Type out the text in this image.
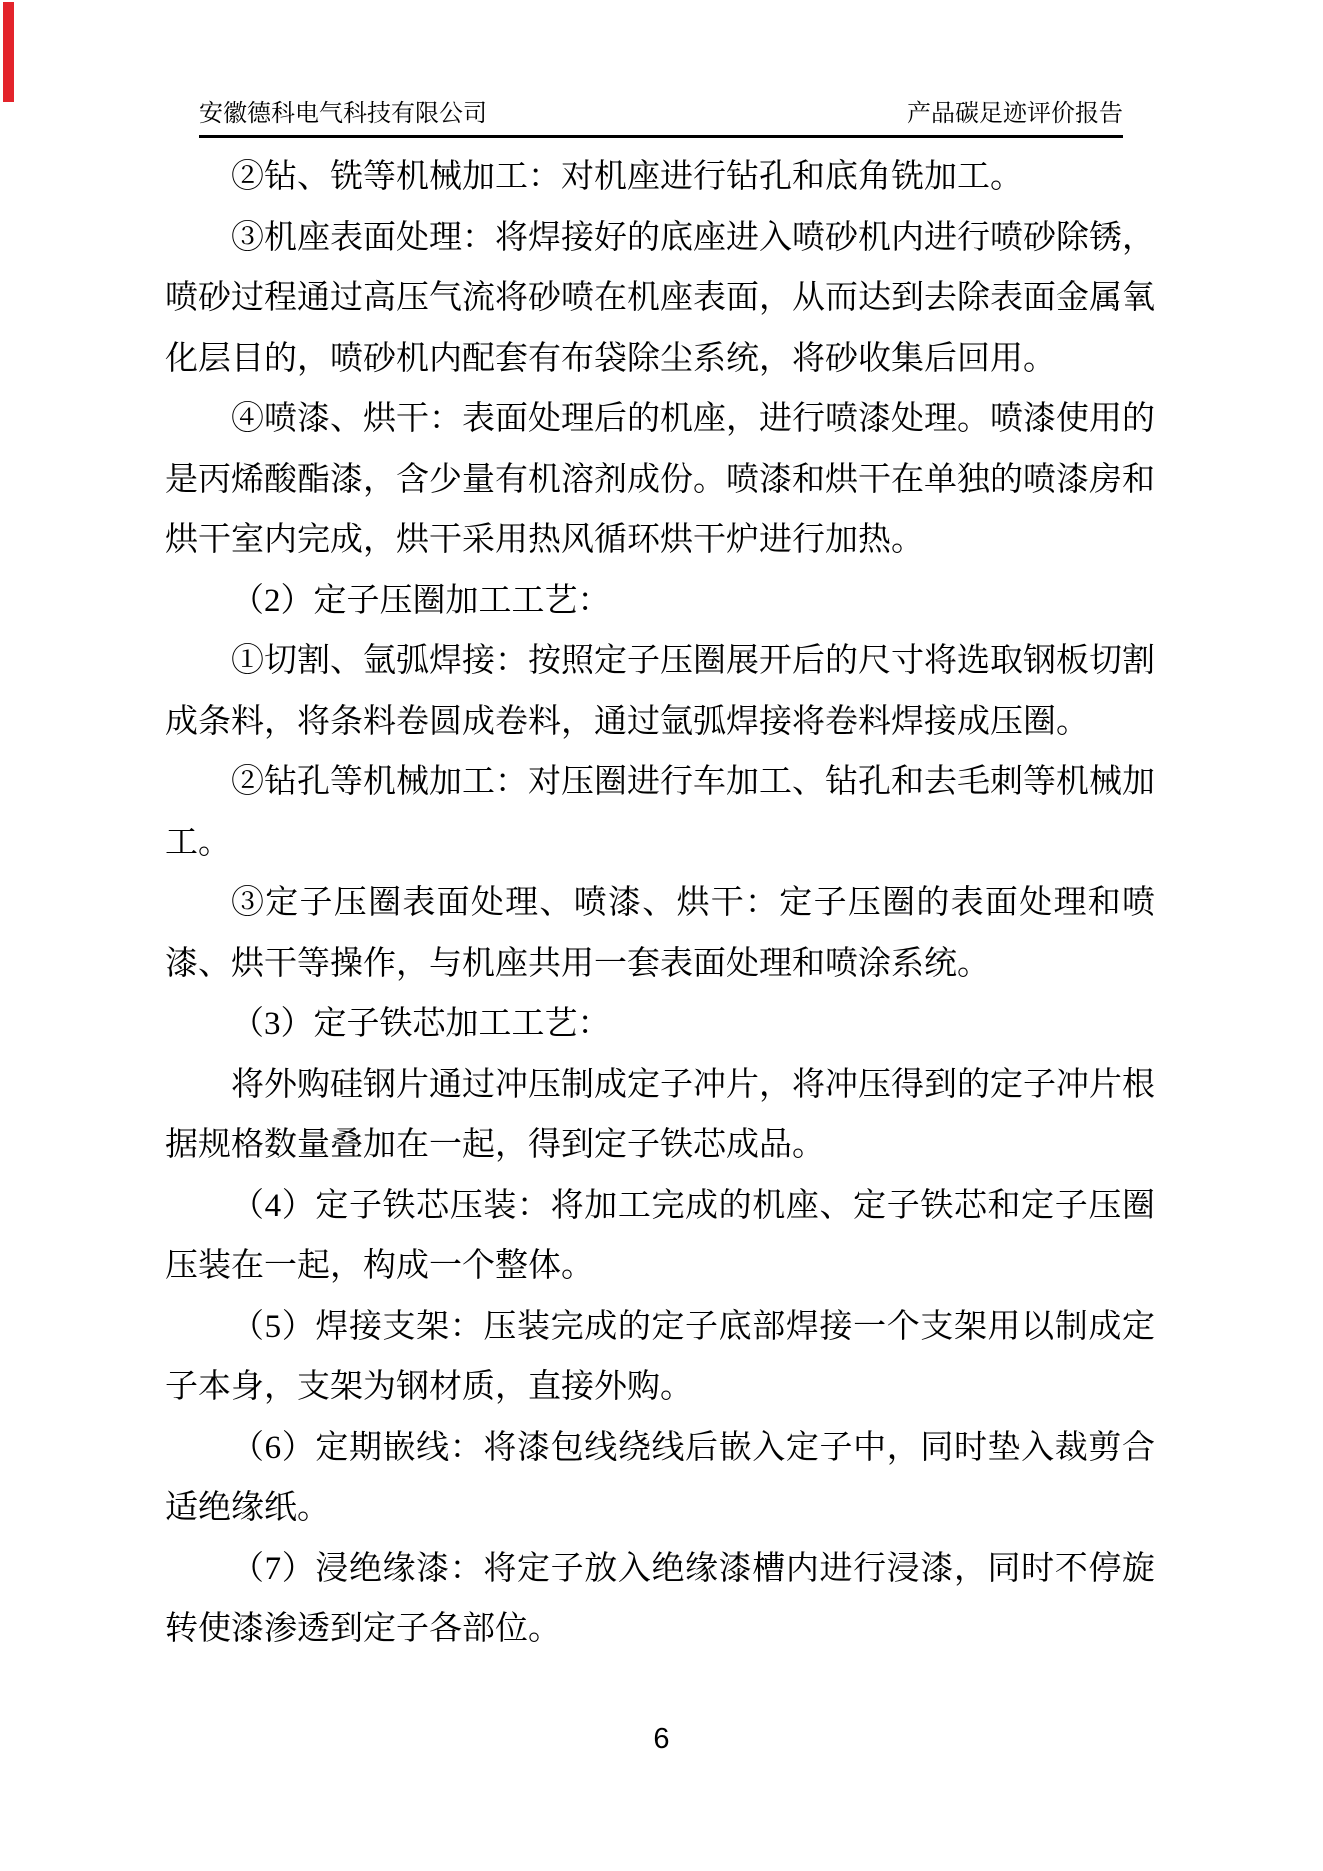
安徽德科电气科技有限公司	产品碳足迹评价报告

②钻、铣等机械加工：对机座进行钻孔和底角铣加工。

③机座表面处理：将焊接好的底座进入喷砂机内进行喷砂除锈，喷砂过程通过高压气流将砂喷在机座表面，从而达到去除表面金属氧化层目的，喷砂机内配套有布袋除尘系统，将砂收集后回用。

④喷漆、烘干：表面处理后的机座，进行喷漆处理。喷漆使用的是丙烯酸酯漆，含少量有机溶剂成份。喷漆和烘干在单独的喷漆房和烘干室内完成，烘干采用热风循环烘干炉进行加热。

（2）定子压圈加工工艺：

①切割、氩弧焊接：按照定子压圈展开后的尺寸将选取钢板切割成条料，将条料卷圆成卷料，通过氩弧焊接将卷料焊接成压圈。

②钻孔等机械加工：对压圈进行车加工、钻孔和去毛刺等机械加工。

③定子压圈表面处理、喷漆、烘干：定子压圈的表面处理和喷漆、烘干等操作，与机座共用一套表面处理和喷涂系统。

（3）定子铁芯加工工艺：

将外购硅钢片通过冲压制成定子冲片，将冲压得到的定子冲片根据规格数量叠加在一起，得到定子铁芯成品。

（4）定子铁芯压装：将加工完成的机座、定子铁芯和定子压圈压装在一起，构成一个整体。

（5）焊接支架：压装完成的定子底部焊接一个支架用以制成定子本身，支架为钢材质，直接外购。

（6）定期嵌线：将漆包线绕线后嵌入定子中，同时垫入裁剪合适绝缘纸。

（7）浸绝缘漆：将定子放入绝缘漆槽内进行浸漆，同时不停旋转使漆渗透到定子各部位。

6
